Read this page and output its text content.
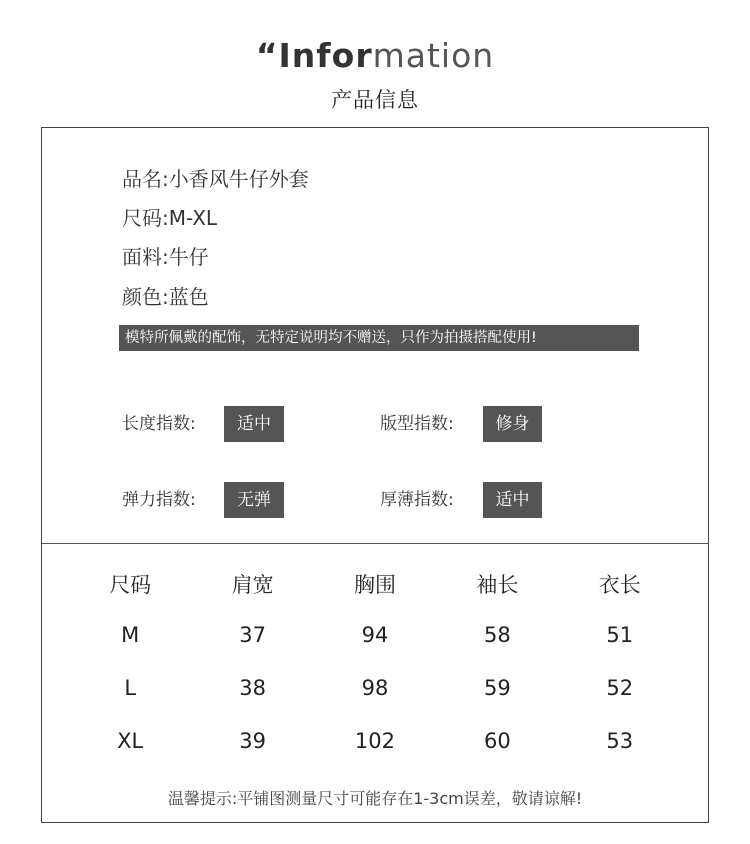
“Information
产品信息
品名:小香风牛仔外套
尺码:M-XL
面料:牛仔
颜色:蓝色
模特所佩戴的配饰，无特定说明均不赠送，只作为拍摄搭配使用!
长度指数:	适中	版型指数:	修身
弹力指数:	无弹	厚薄指数:	适中
尺码	肩宽	胸围	袖长	衣长
M	37	94	58	51
L	38	98	59	52
XL	39	102	60	53
温馨提示:平铺图测量尺寸可能存在1-3cm误差，敬请谅解!
